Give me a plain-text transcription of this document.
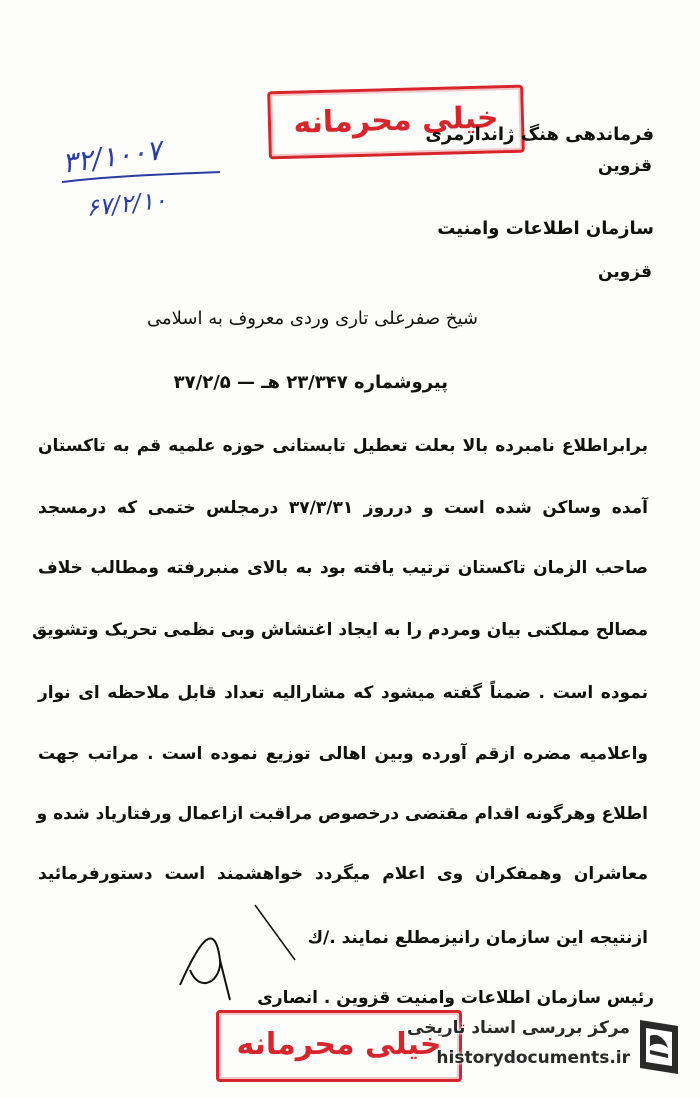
خیلی محرمانه
۳۲/۱۰۰۷
۶۷/۲/۱۰
فرماندهی هنگ ژاندارمری
قزوین
سازمان اطلاعات وامنیت
قزوین
شیخ صفرعلی تاری وردی معروف به اسلامی
پیروشماره ۲۳/۳۴۷ هـ — ۳۷/۲/۵
برابراطلاع نامبرده بالا بعلت تعطیل تابستانی حوزه علمیه قم به تاکستان
آمده وساکن شده است و درروز ۳۷/۳/۳۱ درمجلس ختمی که درمسجد
صاحب الزمان تاکستان ترتیب یافته بود به بالای منبررفته ومطالب خلاف
مصالح مملکتی بیان ومردم را به ایجاد اغتشاش وبی نظمی تحریک وتشویق
نموده است . ضمناً گفته میشود که مشارالیه تعداد قابل ملاحظه ای نوار
واعلامیه مضره ازقم آورده وبین اهالی توزیع نموده است . مراتب جهت
اطلاع وهرگونه اقدام مقتضی درخصوص مراقبت ازاعمال ورفتاریاد شده و
معاشران وهمفکران وی اعلام میگردد خواهشمند است دستورفرمائید
ازنتیجه این سازمان رانیزمطلع نمایند ./ك
رئیس سازمان اطلاعات وامنیت قزوین . انصاری
خیلی محرمانه
مرکز بررسی اسناد تاریخی
historydocuments.ir
